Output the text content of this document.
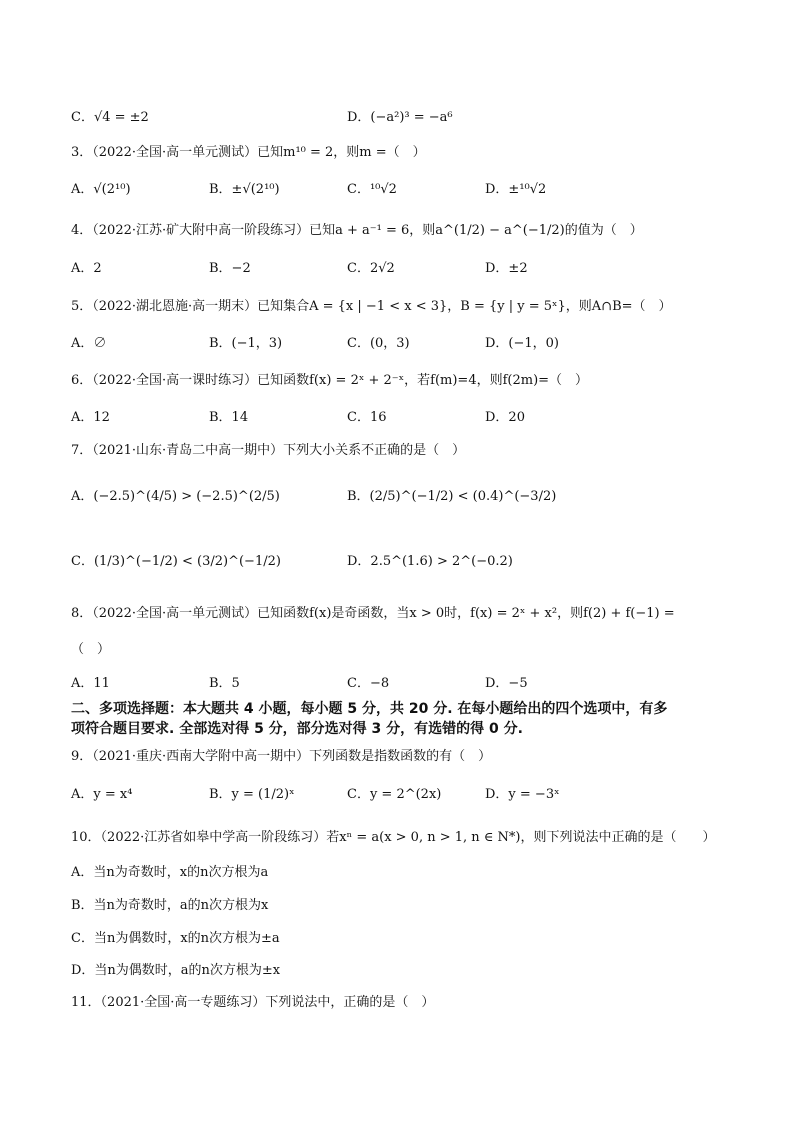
C．√4 = ±2	D．(−a²)³ = −a⁶
3．（2022·全国·高一单元测试）已知m¹⁰ = 2，则m =（　）
A．√(2¹⁰)	B．±√(2¹⁰)	C．¹⁰√2	D．±¹⁰√2
4．（2022·江苏·矿大附中高一阶段练习）已知a + a⁻¹ = 6，则a^(1/2) − a^(−1/2)的值为（　）
A．2	B．−2	C．2√2	D．±2
5．（2022·湖北恩施·高一期末）已知集合A = {x | −1 < x < 3}，B = {y | y = 5ˣ}，则A∩B=（　）
A．∅	B．(−1，3)	C．(0，3)	D．(−1，0)
6．（2022·全国·高一课时练习）已知函数f(x) = 2ˣ + 2⁻ˣ，若f(m)=4，则f(2m)=（　）
A．12	B．14	C．16	D．20
7．（2021·山东·青岛二中高一期中）下列大小关系不正确的是（　）
A．(−2.5)^(4/5) > (−2.5)^(2/5)	B．(2/5)^(−1/2) < (0.4)^(−3/2)
C．(1/3)^(−1/2) < (3/2)^(−1/2)	D．2.5^(1.6) > 2^(−0.2)
8．（2022·全国·高一单元测试）已知函数f(x)是奇函数，当x > 0时，f(x) = 2ˣ + x²，则f(2) + f(−1) =
（　）
A．11	B．5	C．−8	D．−5
二、多项选择题：本大题共 4 小题，每小题 5 分，共 20 分. 在每小题给出的四个选项中，有多
项符合题目要求. 全部选对得 5 分，部分选对得 3 分，有选错的得 0 分.
9．（2021·重庆·西南大学附中高一期中）下列函数是指数函数的有（　）
A．y = x⁴	B．y = (1/2)ˣ	C．y = 2^(2x)	D．y = −3ˣ
10．（2022·江苏省如皋中学高一阶段练习）若xⁿ = a(x > 0, n > 1, n ∈ N*)，则下列说法中正确的是（　　）
A．当n为奇数时，x的n次方根为a
B．当n为奇数时，a的n次方根为x
C．当n为偶数时，x的n次方根为±a
D．当n为偶数时，a的n次方根为±x
11．（2021·全国·高一专题练习）下列说法中，正确的是（　）
